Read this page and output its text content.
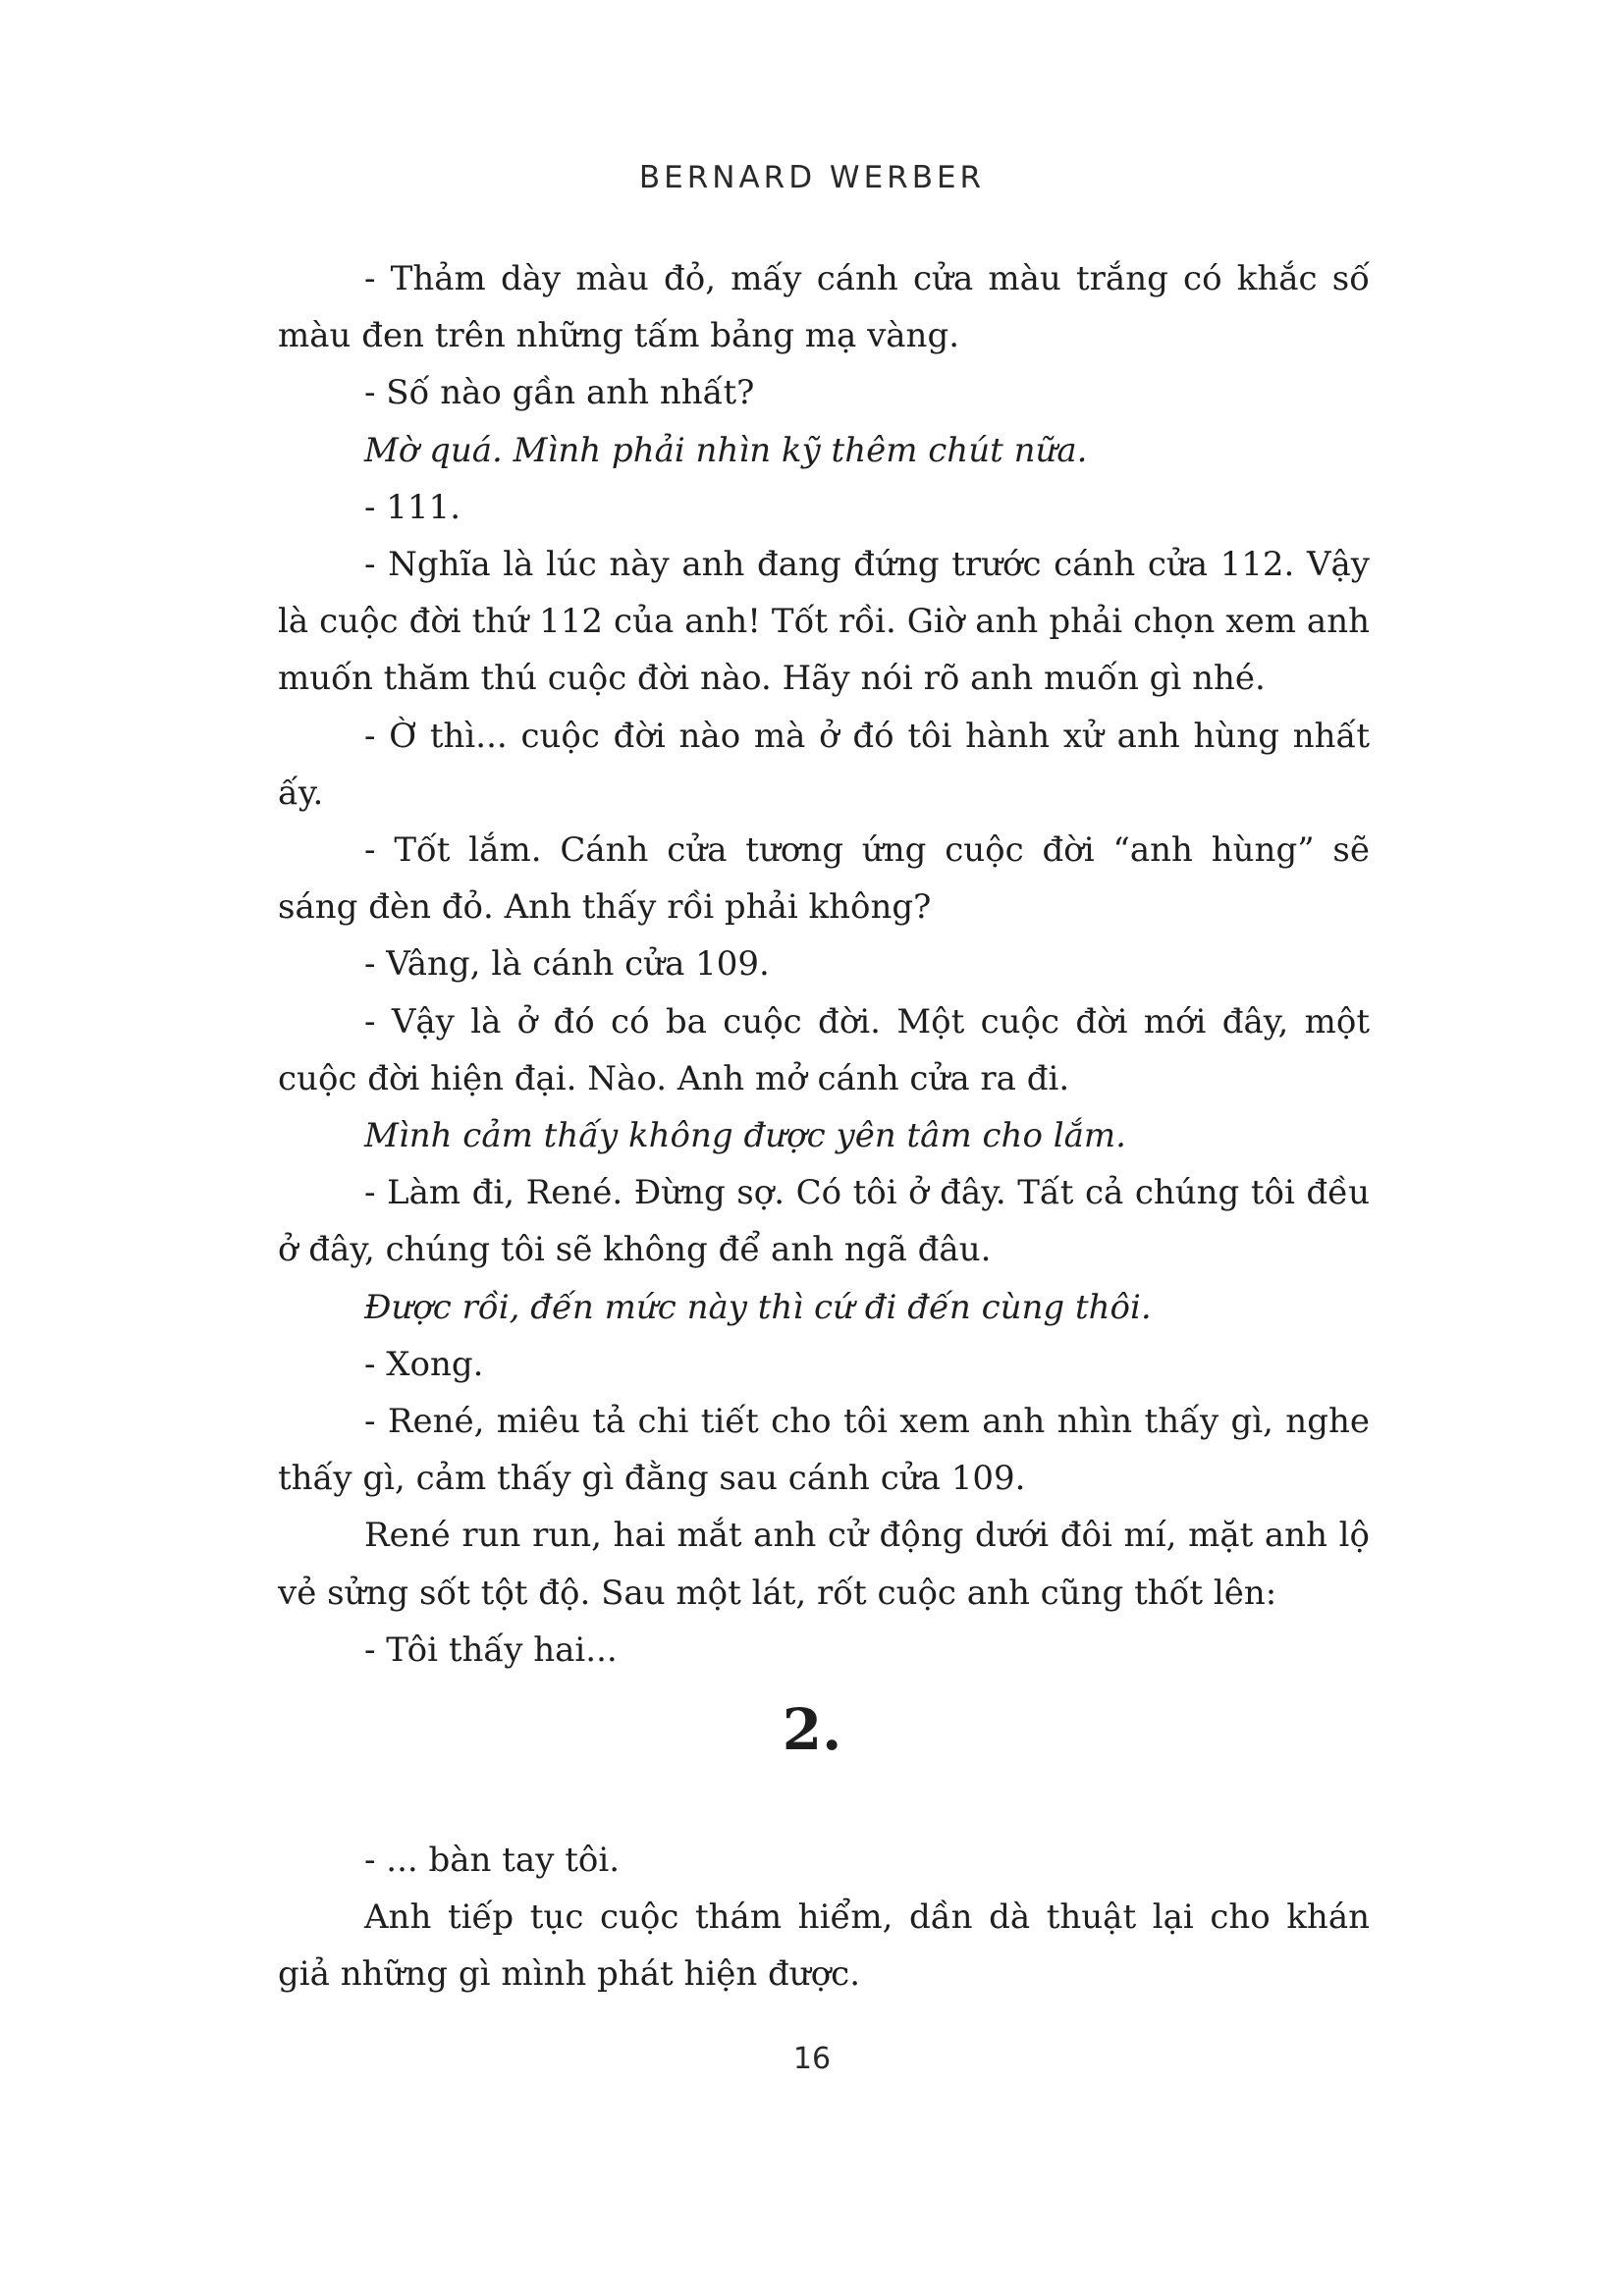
BERNARD WERBER

- Thảm dày màu đỏ, mấy cánh cửa màu trắng có khắc số màu đen trên những tấm bảng mạ vàng.

- Số nào gần anh nhất?

Mờ quá. Mình phải nhìn kỹ thêm chút nữa.

- 111.

- Nghĩa là lúc này anh đang đứng trước cánh cửa 112. Vậy là cuộc đời thứ 112 của anh! Tốt rồi. Giờ anh phải chọn xem anh muốn thăm thú cuộc đời nào. Hãy nói rõ anh muốn gì nhé.

- Ờ thì... cuộc đời nào mà ở đó tôi hành xử anh hùng nhất ấy.

- Tốt lắm. Cánh cửa tương ứng cuộc đời “anh hùng” sẽ sáng đèn đỏ. Anh thấy rồi phải không?

- Vâng, là cánh cửa 109.

- Vậy là ở đó có ba cuộc đời. Một cuộc đời mới đây, một cuộc đời hiện đại. Nào. Anh mở cánh cửa ra đi.

Mình cảm thấy không được yên tâm cho lắm.

- Làm đi, René. Đừng sợ. Có tôi ở đây. Tất cả chúng tôi đều ở đây, chúng tôi sẽ không để anh ngã đâu.

Được rồi, đến mức này thì cứ đi đến cùng thôi.

- Xong.

- René, miêu tả chi tiết cho tôi xem anh nhìn thấy gì, nghe thấy gì, cảm thấy gì đằng sau cánh cửa 109.

René run run, hai mắt anh cử động dưới đôi mí, mặt anh lộ vẻ sửng sốt tột độ. Sau một lát, rốt cuộc anh cũng thốt lên:

- Tôi thấy hai...

2.

- ... bàn tay tôi.

Anh tiếp tục cuộc thám hiểm, dần dà thuật lại cho khán giả những gì mình phát hiện được.

16
